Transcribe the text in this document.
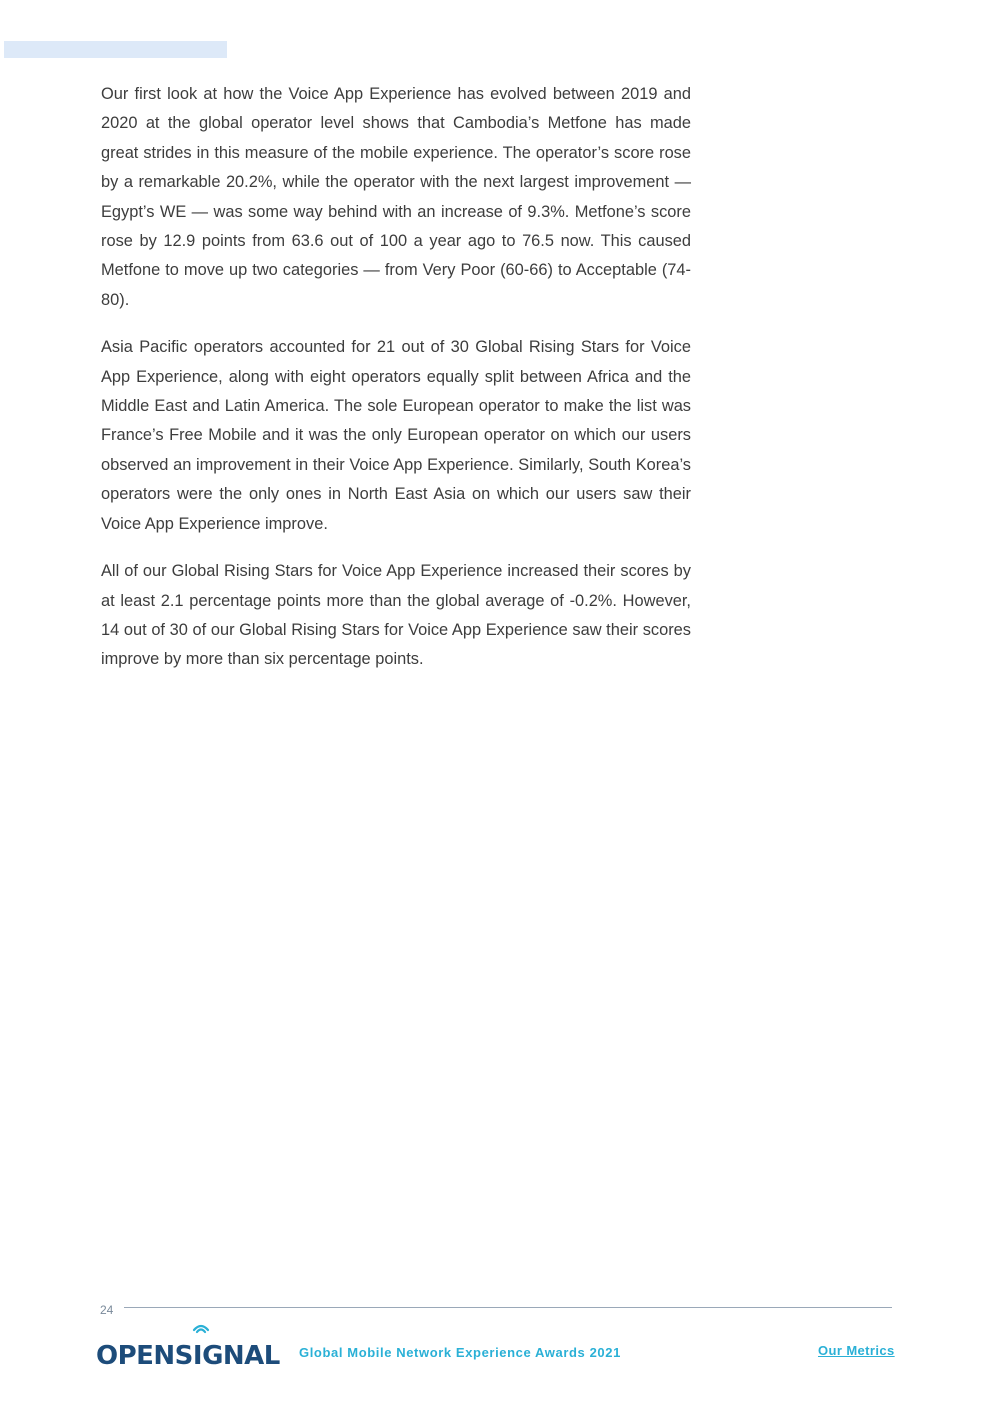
Our first look at how the Voice App Experience has evolved between 2019 and 2020 at the global operator level shows that Cambodia’s Metfone has made great strides in this measure of the mobile experience. The operator’s score rose by a remarkable 20.2%, while the operator with the next largest improvement — Egypt’s WE — was some way behind with an increase of 9.3%. Metfone’s score rose by 12.9 points from 63.6 out of 100 a year ago to 76.5 now. This caused Metfone to move up two categories — from Very Poor (60-66) to Acceptable (74-80).

Asia Pacific operators accounted for 21 out of 30 Global Rising Stars for Voice App Experience, along with eight operators equally split between Africa and the Middle East and Latin America. The sole European operator to make the list was France’s Free Mobile and it was the only European operator on which our users observed an improvement in their Voice App Experience. Similarly, South Korea’s operators were the only ones in North East Asia on which our users saw their Voice App Experience improve.

All of our Global Rising Stars for Voice App Experience increased their scores by at least 2.1 percentage points more than the global average of -0.2%. However, 14 out of 30 of our Global Rising Stars for Voice App Experience saw their scores improve by more than six percentage points.

24
OPENSIGNAL Global Mobile Network Experience Awards 2021	Our Metrics
